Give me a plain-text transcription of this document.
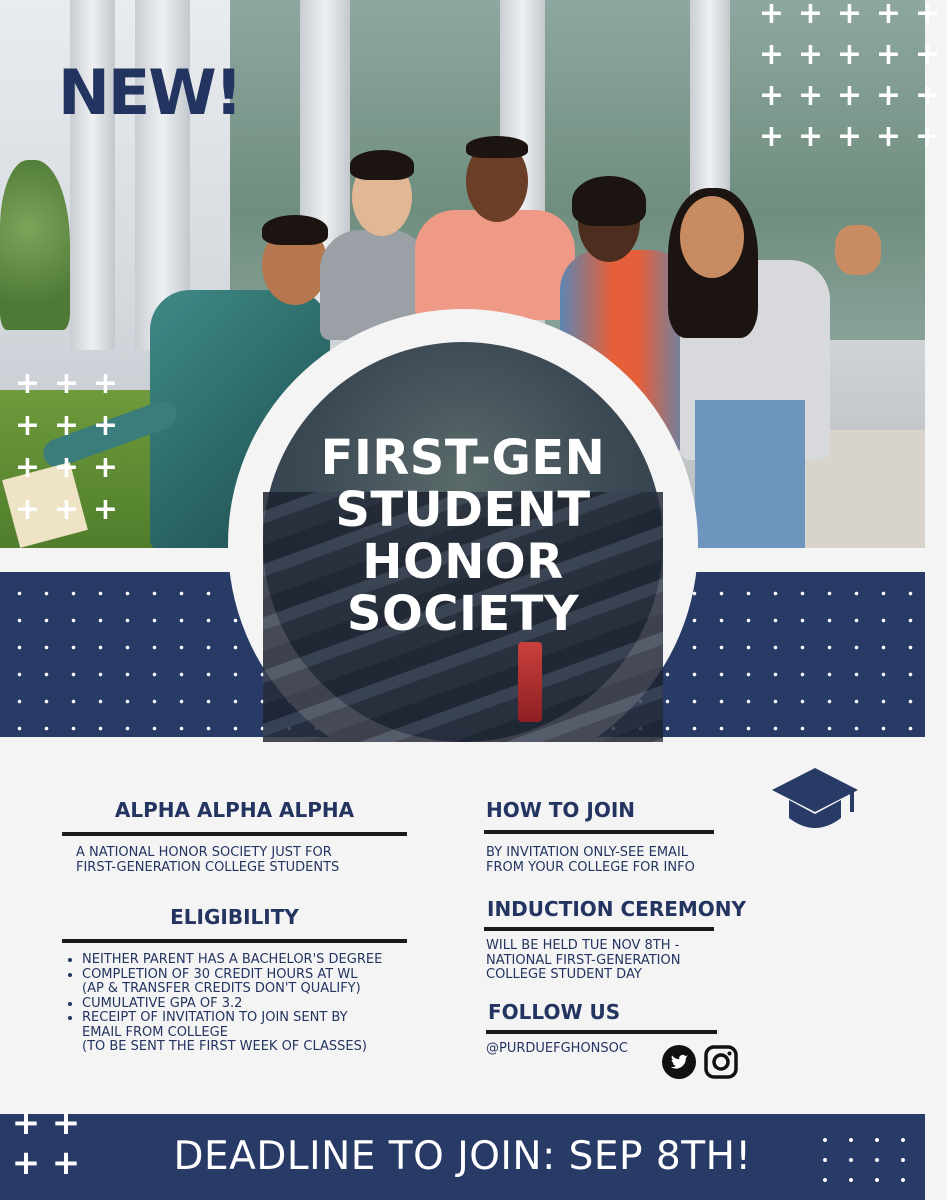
NEW!
+ + + + +
+ + + + +
+ + + + +
+ + + + +
+ + +
+ + +
+ + +
+ + +
FIRST-GEN
STUDENT
HONOR
SOCIETY
ALPHA ALPHA ALPHA
A NATIONAL HONOR SOCIETY JUST FOR
FIRST-GENERATION COLLEGE STUDENTS
ELIGIBILITY
• NEITHER PARENT HAS A BACHELOR'S DEGREE
• COMPLETION OF 30 CREDIT HOURS AT WL
(AP & TRANSFER CREDITS DON'T QUALIFY)
• CUMULATIVE GPA OF 3.2
• RECEIPT OF INVITATION TO JOIN SENT BY
EMAIL FROM COLLEGE
(TO BE SENT THE FIRST WEEK OF CLASSES)
HOW TO JOIN
BY INVITATION ONLY-SEE EMAIL
FROM YOUR COLLEGE FOR INFO
INDUCTION CEREMONY
WILL BE HELD TUE NOV 8TH -
NATIONAL FIRST-GENERATION
COLLEGE STUDENT DAY
FOLLOW US
@PURDUEFGHONSOC
+ +
+ +	DEADLINE TO JOIN: SEP 8TH!
